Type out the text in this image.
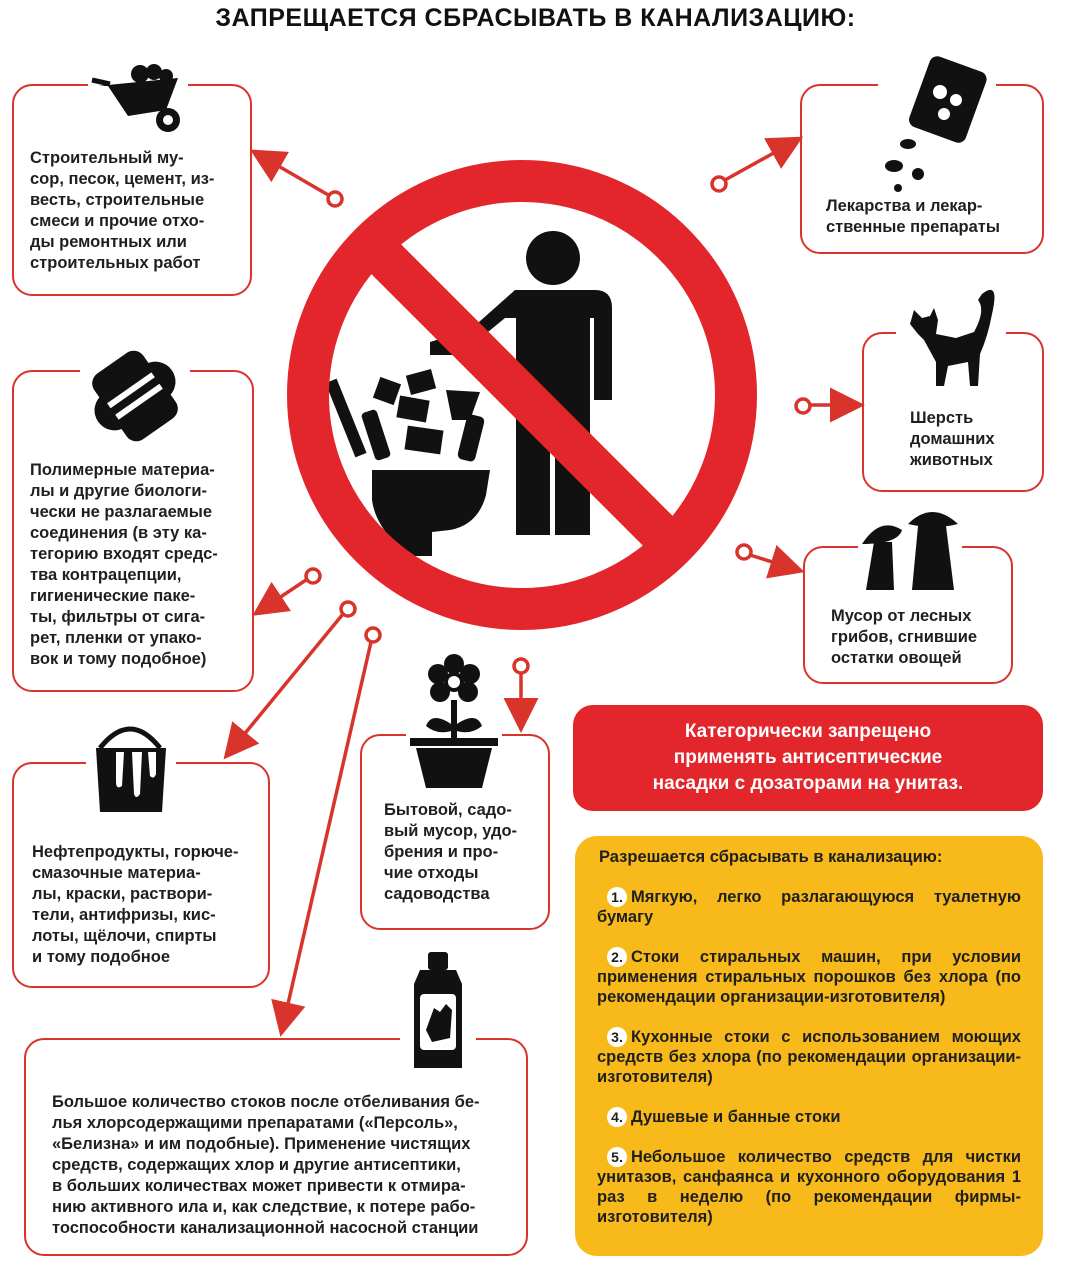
ЗАПРЕЩАЕТСЯ СБРАСЫВАТЬ В КАНАЛИЗАЦИЮ:
Строительный му-
сор, песок, цемент, из-
весть, строительные
смеси и прочие отхо-
ды ремонтных или
строительных работ
Лекарства и лекар-
ственные препараты
Полимерные материа-
лы и другие биологи-
чески не разлагаемые
соединения (в эту ка-
тегорию входят средс-
тва контрацепции,
гигиенические паке-
ты, фильтры от сига-
рет, пленки от упако-
вок и тому подобное)
Шерсть
домашних
животных
Мусор от лесных
грибов, сгнившие
остатки овощей
Нефтепродукты, горюче-
смазочные материа-
лы, краски, раствори-
тели, антифризы, кис-
лоты, щёлочи, спирты
и тому подобное
Бытовой, садо-
вый мусор, удо-
брения и про-
чие отходы
садоводства
Большое количество стоков после отбеливания бе-
лья хлорсодержащими препаратами («Персоль»,
«Белизна» и им подобные). Применение чистящих
средств, содержащих хлор и другие антисептики,
в больших количествах может привести к отмира-
нию активного ила и, как следствие, к потере рабо-
тоспособности канализационной насосной станции
Категорически запрещено
применять антисептические
насадки с дозаторами на унитаз.
Разрешается сбрасывать в канализацию:
1. Мягкую, легко разлагающуюся туалетную бумагу
2. Стоки стиральных машин, при условии применения стиральных порошков без хлора (по рекомендации организации-изготовителя)
3. Кухонные стоки с использованием моющих средств без хлора (по рекомендации организации-изготовителя)
4. Душевые и банные стоки
5. Небольшое количество средств для чистки унитазов, санфаянса и кухонного оборудования 1 раз в неделю (по рекомендации фирмы-изготовителя)
